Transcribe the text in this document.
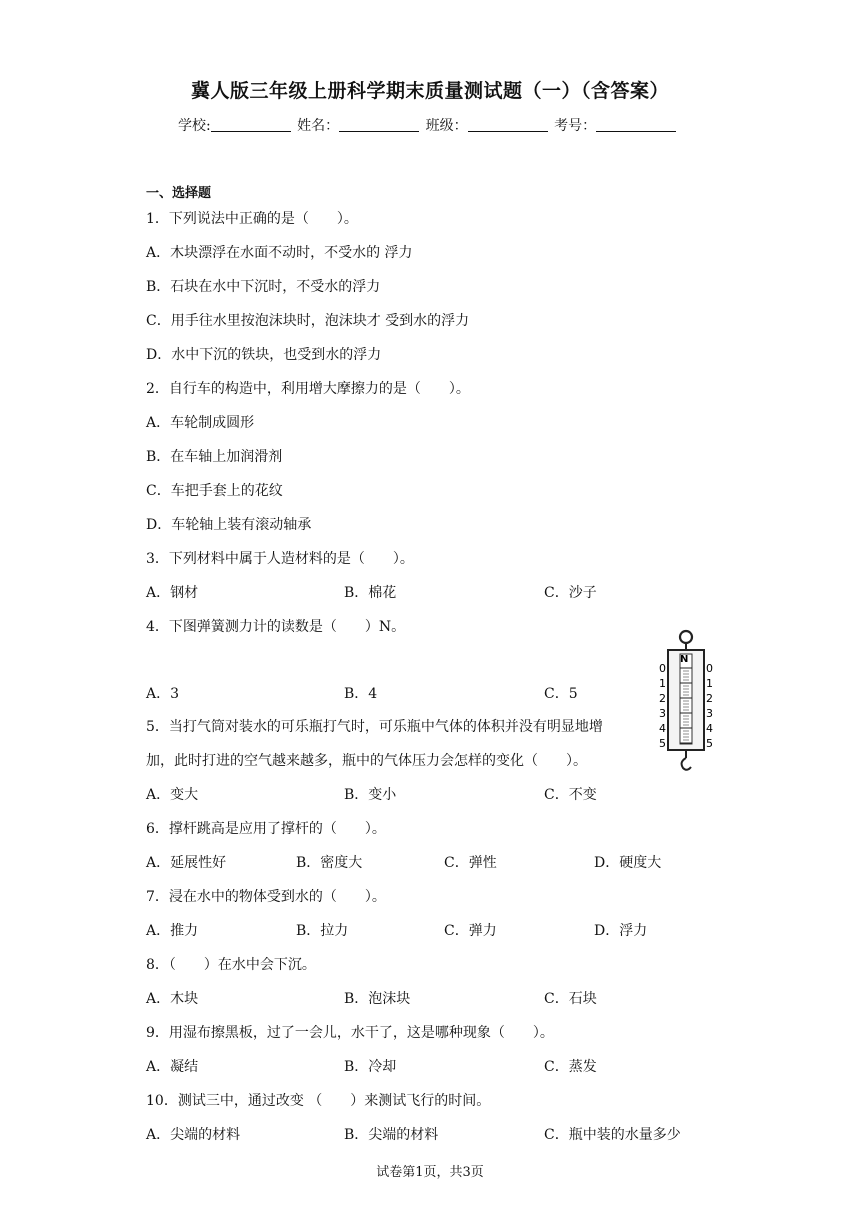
冀人版三年级上册科学期末质量测试题（一）（含答案）
学校:	姓名：	班级：	考号：
一、选择题
1．下列说法中正确的是（　　）。
A．木块漂浮在水面不动时，不受水的 浮力
B．石块在水中下沉时，不受水的浮力
C．用手往水里按泡沫块时，泡沫块才 受到水的浮力
D．水中下沉的铁块，也受到水的浮力
2．自行车的构造中，利用增大摩擦力的是（　　）。
A．车轮制成圆形
B．在车轴上加润滑剂
C．车把手套上的花纹
D．车轮轴上装有滚动轴承
3．下列材料中属于人造材料的是（　　）。
A．钢材	B．棉花	C．沙子
4．下图弹簧测力计的读数是（　　）N。
A．3	B．4	C．5
0	0
1	1
2	2
3	3
4	4
5	5
N
5．当打气筒对装水的可乐瓶打气时，可乐瓶中气体的体积并没有明显地增
加，此时打进的空气越来越多，瓶中的气体压力会怎样的变化（　　）。
A．变大	B．变小	C．不变
6．撑杆跳高是应用了撑杆的（　　）。
A．延展性好	B．密度大	C．弹性	D．硬度大
7．浸在水中的物体受到水的（　　）。
A．推力	B．拉力	C．弹力	D．浮力
8．（　　）在水中会下沉。
A．木块	B．泡沫块	C．石块
9．用湿布擦黑板，过了一会儿，水干了，这是哪种现象（　　）。
A．凝结	B．冷却	C．蒸发
10．测试三中，通过改变 （　　）来测试飞行的时间。
A．尖端的材料	B．尖端的材料	C．瓶中装的水量多少
试卷第1页，共3页
